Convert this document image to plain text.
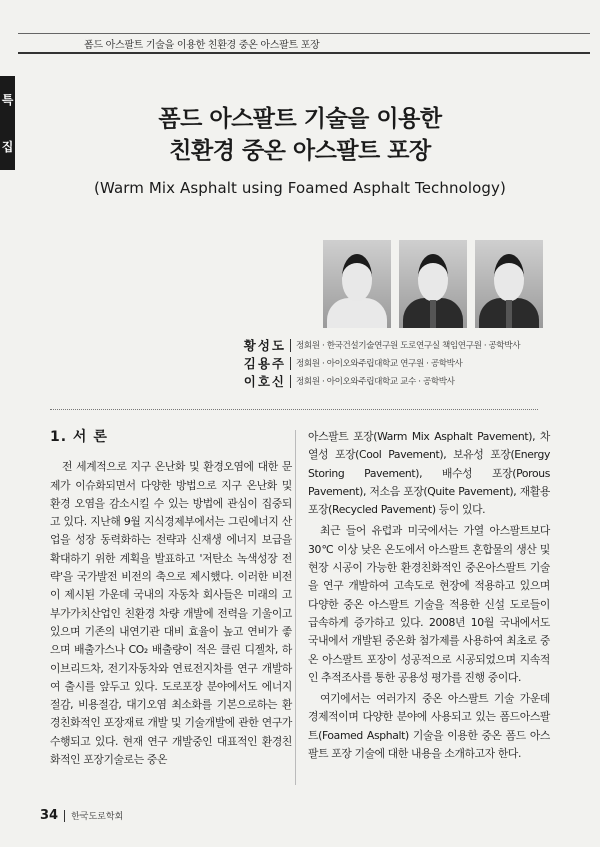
폼드 아스팔트 기술을 이용한 친환경 중온 아스팔트 포장
특
집

폼드 아스팔트 기술을 이용한

친환경 중온 아스팔트 포장

(Warm Mix Asphalt using Foamed Asphalt Technology)
황성도 정회원 · 한국건설기술연구원 도로연구실 책임연구원 · 공학박사
김용주 정회원 · 아이오와주립대학교 연구원 · 공학박사
이호신 정회원 · 아이오와주립대학교 교수 · 공학박사
1. 서 론

전 세계적으로 지구 온난화 및 환경오염에 대한 문제가 이슈화되면서 다양한 방법으로 지구 온난화 및 환경 오염을 감소시킬 수 있는 방법에 관심이 집중되고 있다. 지난해 9월 지식경제부에서는 그린에너지 산업을 성장 동력화하는 전략과 신재생 에너지 보급을 확대하기 위한 계획을 발표하고 '저탄소 녹색성장 전략'을 국가발전 비전의 축으로 제시했다. 이러한 비전이 제시된 가운데 국내의 자동차 회사들은 미래의 고부가가치산업인 친환경 차량 개발에 전력을 기울이고 있으며 기존의 내연기관 대비 효율이 높고 연비가 좋으며 배출가스나 CO₂ 배출량이 적은 클린 디젤차, 하이브리드차, 전기자동차와 연료전지차를 연구 개발하여 출시를 앞두고 있다. 도로포장 분야에서도 에너지 절감, 비용절감, 대기오염 최소화를 기본으로하는 환경친화적인 포장재료 개발 및 기술개발에 관한 연구가 수행되고 있다. 현재 연구 개발중인 대표적인 환경친화적인 포장기술로는 중온

아스팔트 포장(Warm Mix Asphalt Pavement), 차열성 포장(Cool Pavement), 보유성 포장(Energy Storing Pavement), 배수성 포장(Porous Pavement), 저소음 포장(Quite Pavement), 재활용 포장(Recycled Pavement) 등이 있다.

최근 들어 유럽과 미국에서는 가열 아스팔트보다 30℃ 이상 낮은 온도에서 아스팔트 혼합물의 생산 및 현장 시공이 가능한 환경친화적인 중온아스팔트 기술을 연구 개발하여 고속도로 현장에 적용하고 있으며 다양한 중온 아스팔트 기술을 적용한 신설 도로들이 급속하게 증가하고 있다. 2008년 10월 국내에서도 국내에서 개발된 중온화 첨가제를 사용하여 최초로 중온 아스팔트 포장이 성공적으로 시공되었으며 지속적인 추적조사를 통한 공용성 평가를 진행 중이다.

여기에서는 여러가지 중온 아스팔트 기술 가운데 경제적이며 다양한 분야에 사용되고 있는 폼드아스팔트(Foamed Asphalt) 기술을 이용한 중온 폼드 아스팔트 포장 기술에 대한 내용을 소개하고자 한다.

34 한국도로학회
